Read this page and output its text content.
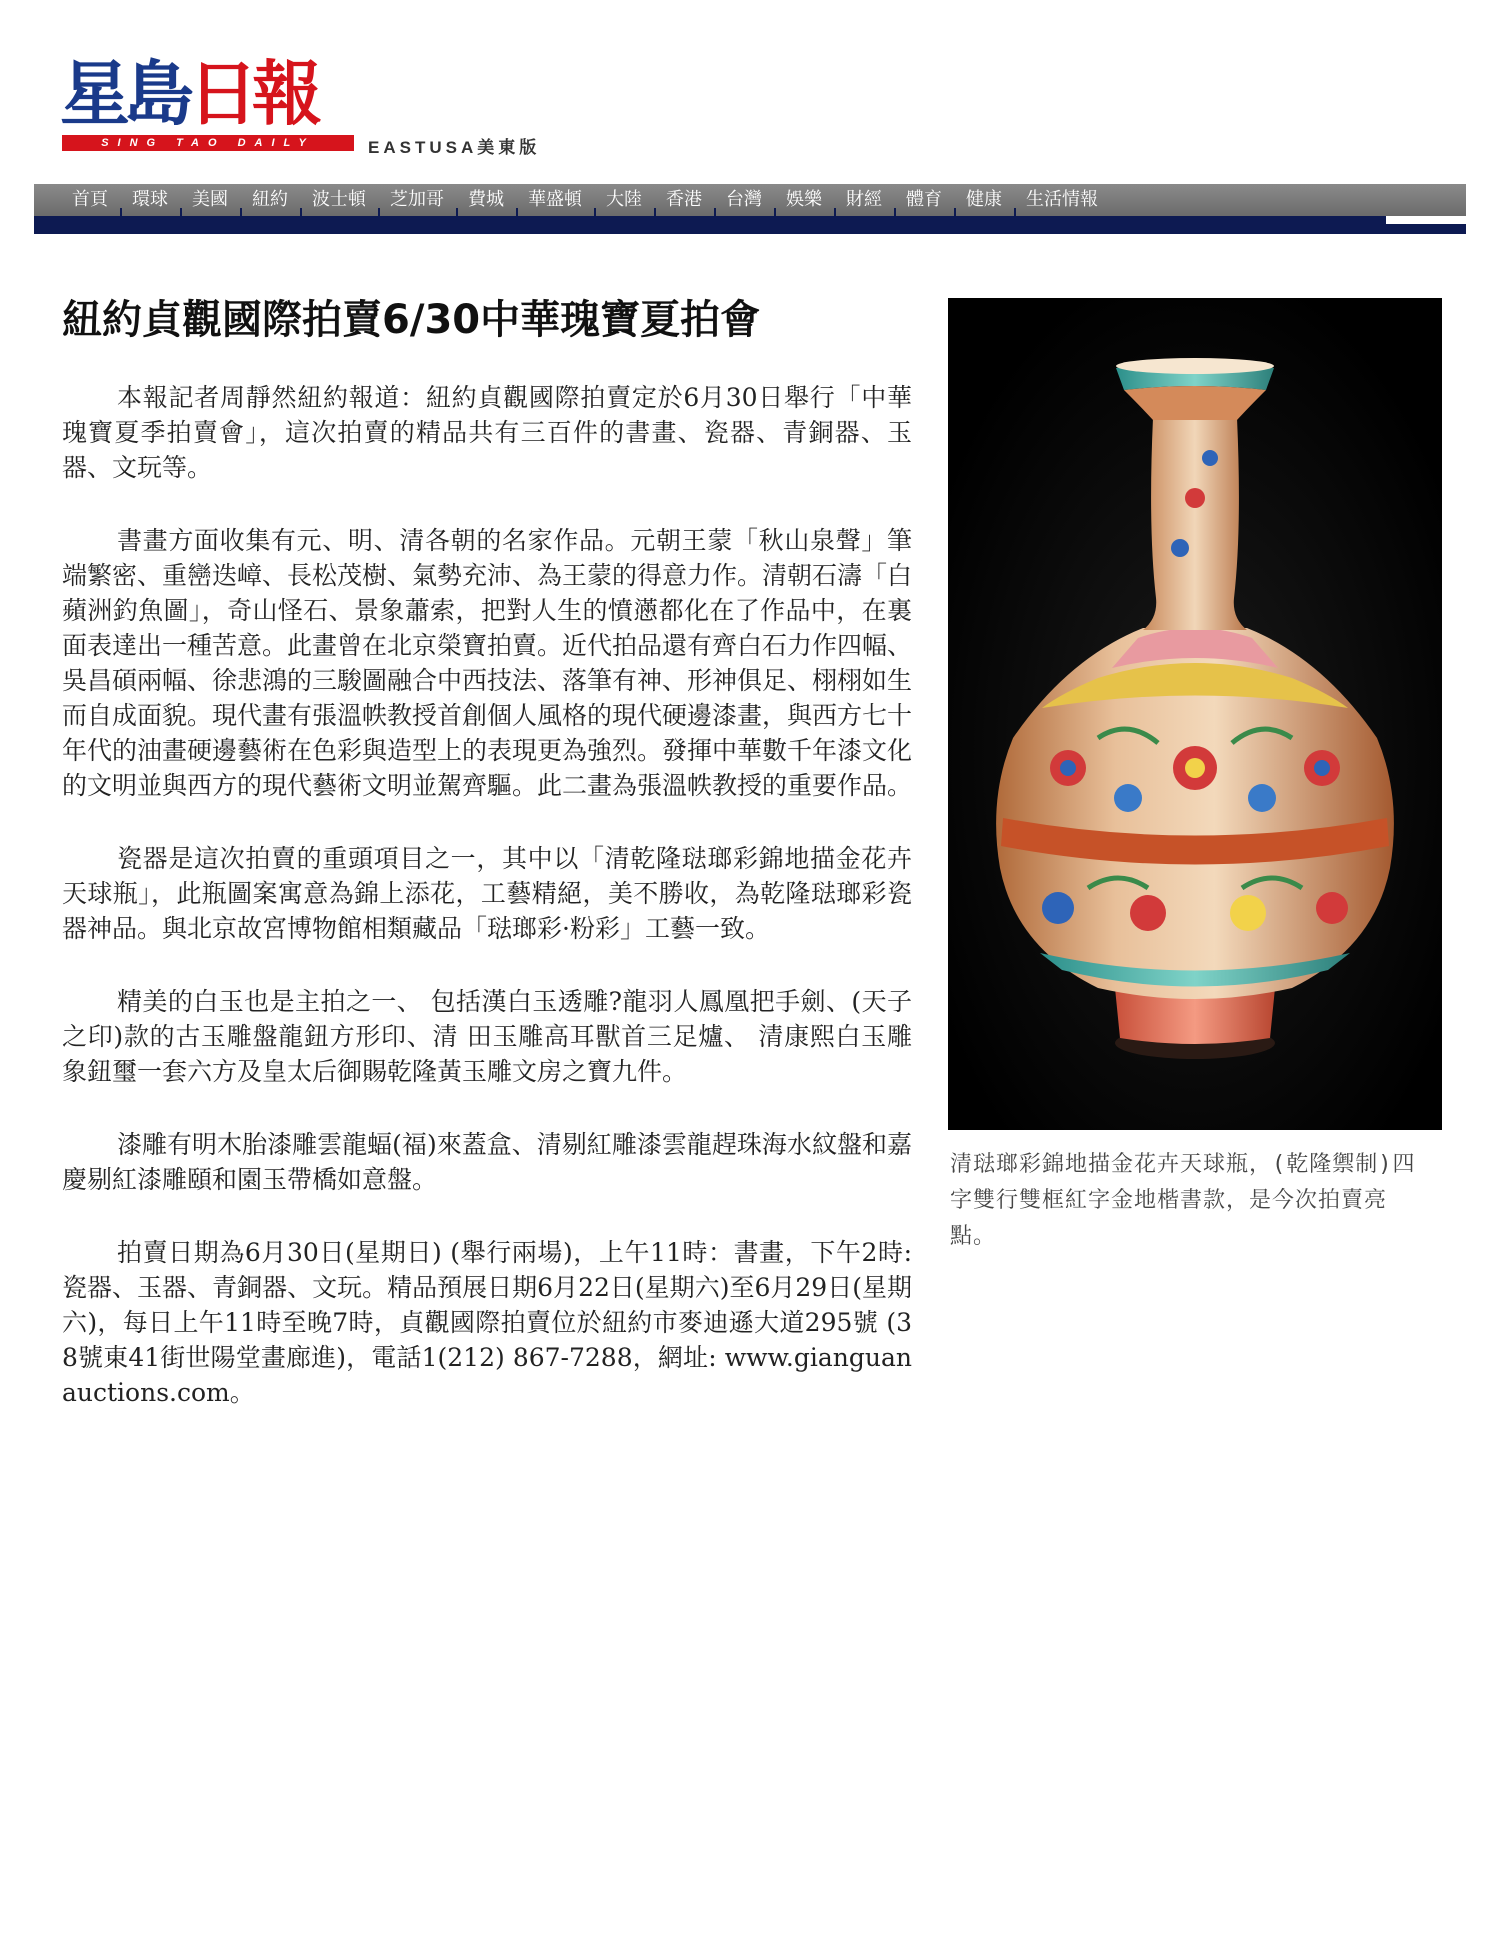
星島日報
SING TAO DAILY	EASTUSA美東版
首頁	環球	美國	紐約	波士頓	芝加哥	費城	華盛頓	大陸	香港	台灣	娛樂	財經	體育	健康	生活情報
紐約貞觀國際拍賣6/30中華瑰寶夏拍會

本報記者周靜然紐約報道：紐約貞觀國際拍賣定於6月30日舉行「中華瑰寶夏季拍賣會」，這次拍賣的精品共有三百件的書畫、瓷器、青銅器、玉器、文玩等。

書畫方面收集有元、明、清各朝的名家作品。元朝王蒙「秋山泉聲」筆端繁密、重巒迭嶂、長松茂樹、氣勢充沛、為王蒙的得意力作。清朝石濤「白蘋洲釣魚圖」，奇山怪石、景象蕭索，把對人生的憤懣都化在了作品中，在裏面表達出一種苦意。此畫曾在北京榮寶拍賣。近代拍品還有齊白石力作四幅、吳昌碩兩幅、徐悲鴻的三駿圖融合中西技法、落筆有神、形神俱足、栩栩如生而自成面貌。現代畫有張溫帙教授首創個人風格的現代硬邊漆畫，與西方七十年代的油畫硬邊藝術在色彩與造型上的表現更為強烈。發揮中華數千年漆文化的文明並與西方的現代藝術文明並駕齊驅。此二畫為張溫帙教授的重要作品。

瓷器是這次拍賣的重頭項目之一，其中以「清乾隆琺瑯彩錦地描金花卉天球瓶」，此瓶圖案寓意為錦上添花，工藝精絕，美不勝收，為乾隆琺瑯彩瓷器神品。與北京故宮博物館相類藏品「琺瑯彩·粉彩」工藝一致。

精美的白玉也是主拍之一、 包括漢白玉透雕?龍羽人鳳凰把手劍、(天子之印)款的古玉雕盤龍鈕方形印、清 田玉雕高耳獸首三足爐、 清康熙白玉雕象鈕璽一套六方及皇太后御賜乾隆黃玉雕文房之寶九件。

漆雕有明木胎漆雕雲龍蝠(福)來蓋盒、清剔紅雕漆雲龍趕珠海水紋盤和嘉慶剔紅漆雕頤和園玉帶橋如意盤。

拍賣日期為6月30日(星期日) (舉行兩場)，上午11時：書畫，下午2時:瓷器、玉器、青銅器、文玩。精品預展日期6月22日(星期六)至6月29日(星期六)，每日上午11時至晚7時，貞觀國際拍賣位於紐約市麥迪遜大道295號 (38號東41街世陽堂畫廊進)，電話1(212) 867-7288，網址: www.gianguanauctions.com。

清琺瑯彩錦地描金花卉天球瓶，(乾隆禦制)四字雙行雙框紅字金地楷書款，是今次拍賣亮點。
